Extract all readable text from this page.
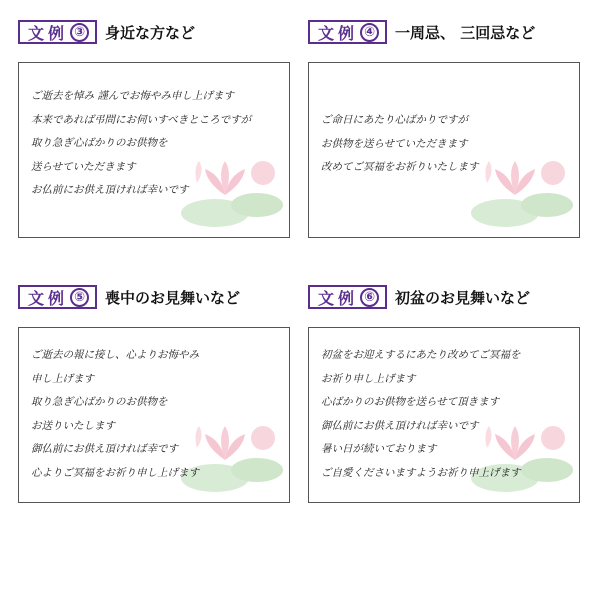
文例 ③ 身近な方など
ご逝去を悼み 謹んでお悔やみ申し上げます
本来であれば弔問にお伺いすべきところですが
取り急ぎ心ばかりのお供物を
送らせていただきます
お仏前にお供え頂ければ幸いです
文例 ④ 一周忌、 三回忌など
ご命日にあたり心ばかりですが
お供物を送らせていただきます
改めてご冥福をお祈りいたします
文例 ⑤ 喪中のお見舞いなど
ご逝去の報に接し、心よりお悔やみ
申し上げます
取り急ぎ心ばかりのお供物を
お送りいたします
御仏前にお供え頂ければ幸です
心よりご冥福をお祈り申し上げます
文例 ⑥ 初盆のお見舞いなど
初盆をお迎えするにあたり改めてご冥福を
お祈り申し上げます
心ばかりのお供物を送らせて頂きます
御仏前にお供え頂ければ幸いです
暑い日が続いております
ご自愛くださいますようお祈り申上げます
